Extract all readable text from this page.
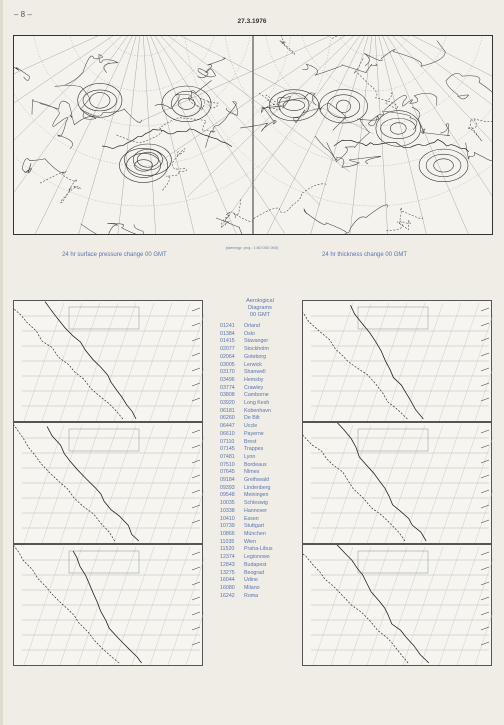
– 8 –
27.3.1976
(stereogr. proj.: 1:60 000 000)
24 hr surface pressure change 00 GMT	24 hr thickness change 00 GMT
Aerological
Diagrams
00 GMT
01241	Orland
01384	Oslo
01415	Stavanger
02077	Stockholm
02064	Goteborg
03005	Lerwick
03170	Shanwell
03496	Hemsby
03774	Crawley
03808	Camborne
03920	Long Kesh
06181	Kobenhavn
06260	De Bilt
06447	Uccle
06610	Payerne
07110	Brest
07145	Trappes
07481	Lyon
07510	Bordeaux
07645	Nîmes
09184	Greifswald
09393	Lindenberg
09548	Meiningen
10035	Schleswig
10338	Hannover
10410	Essen
10739	Stuttgart
10866	München
11035	Wien
11520	Praha-Libus
12374	Legionowo
12843	Budapest
13275	Beograd
16044	Udine
16080	Milano
16242	Roma
